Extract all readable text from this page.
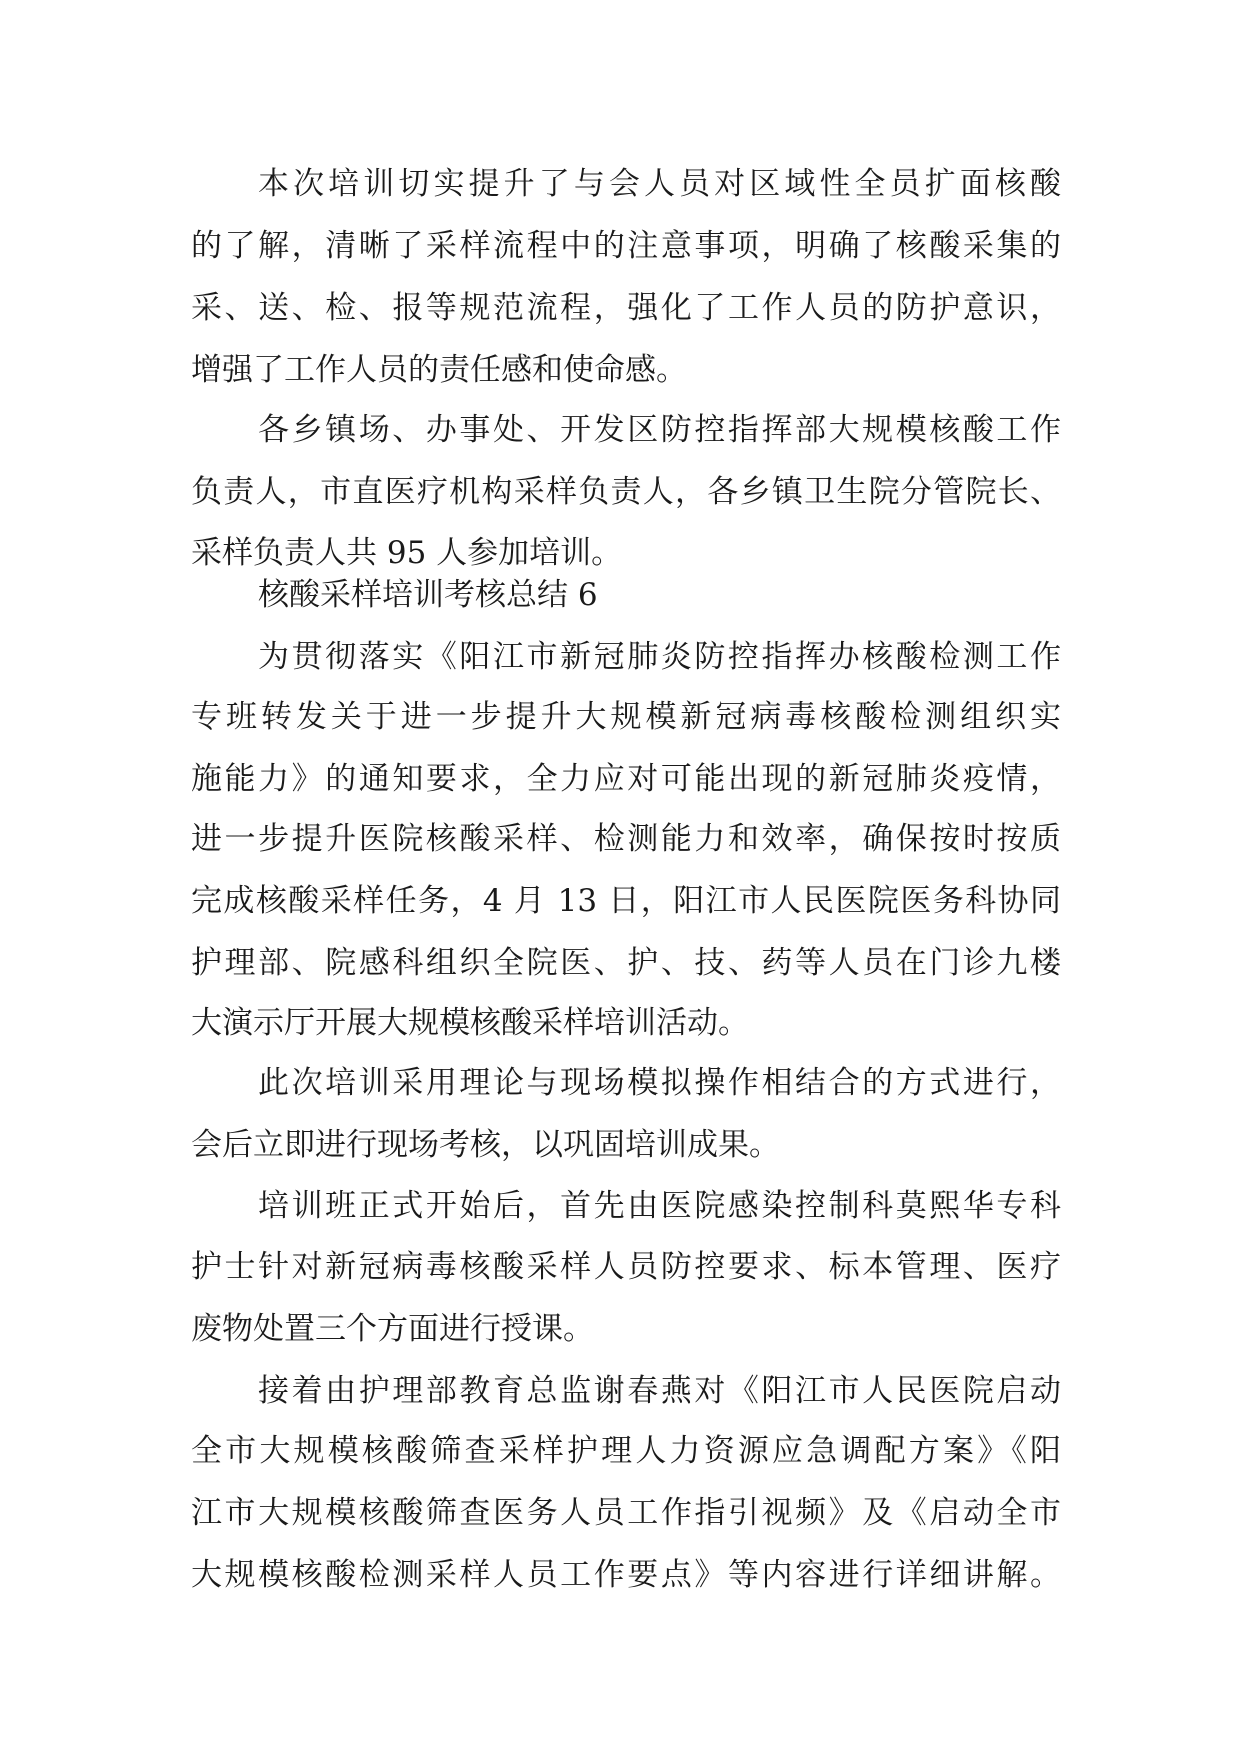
本次培训切实提升了与会人员对区域性全员扩面核酸
的了解，清晰了采样流程中的注意事项，明确了核酸采集的
采、送、检、报等规范流程，强化了工作人员的防护意识，
增强了工作人员的责任感和使命感。
各乡镇场、办事处、开发区防控指挥部大规模核酸工作
负责人，市直医疗机构采样负责人，各乡镇卫生院分管院长、
采样负责人共 95 人参加培训。
核酸采样培训考核总结 6
为贯彻落实《阳江市新冠肺炎防控指挥办核酸检测工作
专班转发关于进一步提升大规模新冠病毒核酸检测组织实
施能力》的通知要求，全力应对可能出现的新冠肺炎疫情，
进一步提升医院核酸采样、检测能力和效率，确保按时按质
完成核酸采样任务，4 月 13 日，阳江市人民医院医务科协同
护理部、院感科组织全院医、护、技、药等人员在门诊九楼
大演示厅开展大规模核酸采样培训活动。
此次培训采用理论与现场模拟操作相结合的方式进行，
会后立即进行现场考核，以巩固培训成果。
培训班正式开始后，首先由医院感染控制科莫熙华专科
护士针对新冠病毒核酸采样人员防控要求、标本管理、医疗
废物处置三个方面进行授课。
接着由护理部教育总监谢春燕对《阳江市人民医院启动
全市大规模核酸筛查采样护理人力资源应急调配方案》《阳
江市大规模核酸筛查医务人员工作指引视频》及《启动全市
大规模核酸检测采样人员工作要点》等内容进行详细讲解。
